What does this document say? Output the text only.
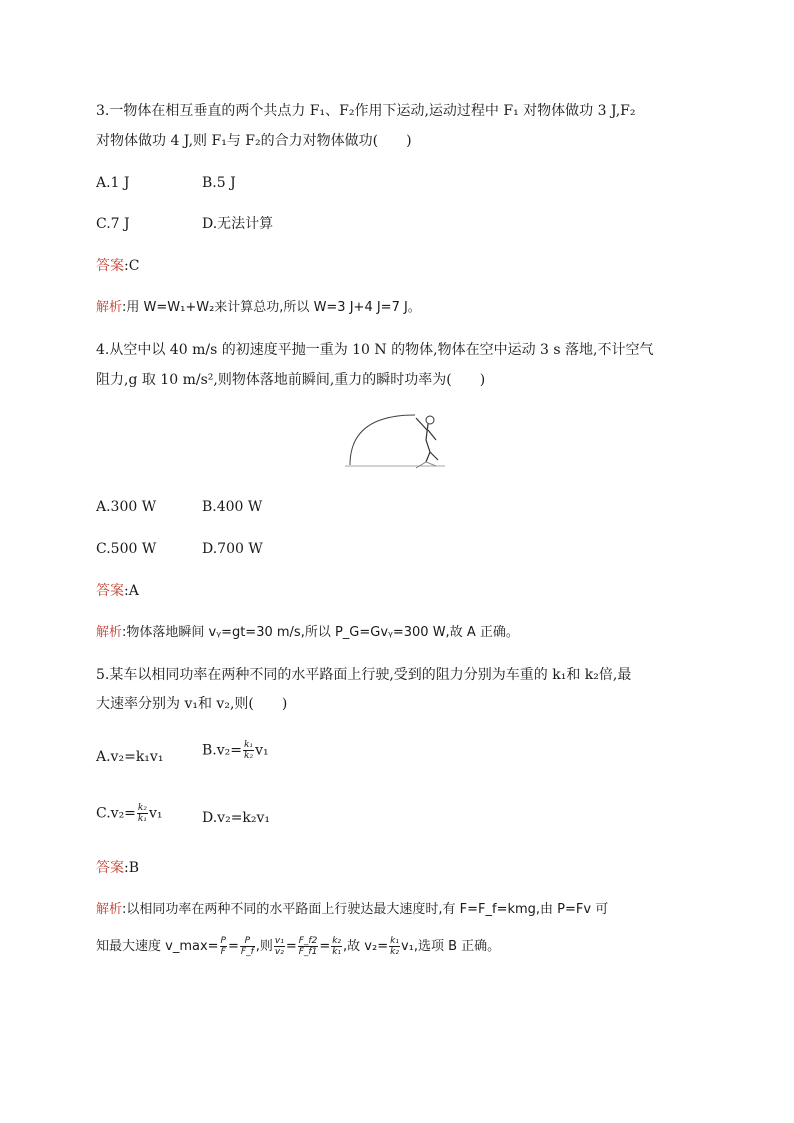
3.一物体在相互垂直的两个共点力 F₁、F₂作用下运动,运动过程中 F₁ 对物体做功 3 J,F₂
对物体做功 4 J,则 F₁与 F₂的合力对物体做功(　　)
A.1 J	B.5 J
C.7 J	D.无法计算
答案:C
解析:用 W=W₁+W₂来计算总功,所以 W=3 J+4 J=7 J。
4.从空中以 40 m/s 的初速度平抛一重为 10 N 的物体,物体在空中运动 3 s 落地,不计空气
阻力,g 取 10 m/s²,则物体落地前瞬间,重力的瞬时功率为(　　)
A.300 W	B.400 W
C.500 W	D.700 W
答案:A
解析:物体落地瞬间 vᵧ=gt=30 m/s,所以 P_G=Gvᵧ=300 W,故 A 正确。
5.某车以相同功率在两种不同的水平路面上行驶,受到的阻力分别为车重的 k₁和 k₂倍,最
大速率分别为 v₁和 v₂,则(　　)
A.v₂=k₁v₁	$B.v_2= \frac{\text{k₁}}{\text{k₂}} v_1$
$C.v_2= \frac{\text{k₂}}{\text{k₁}} v_1$	D.v₂=k₂v₁
答案:B
解析:以相同功率在两种不同的水平路面上行驶达最大速度时,有 F=F_f=kmg,由 P=Fv 可
知最大速度 v_max= $\frac{P}{F} = \frac{P}{F\_f}$ ,则 $\frac{\text{v₁}}{\text{v₂}} = \frac{F\_f2}{F\_f1} = \frac{\text{k₂}}{\text{k₁}}$ ,故 $v_2= \frac{\text{k₁}}{\text{k₂}} v_1$,选项 B 正确。
